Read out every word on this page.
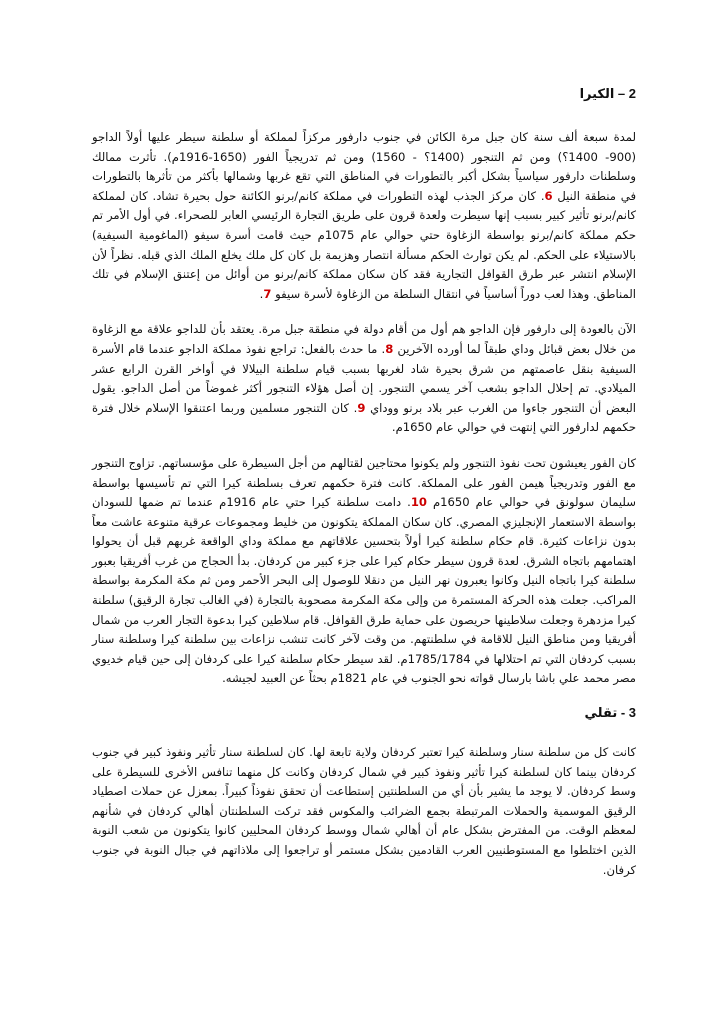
2 – الكيرا

لمدة سبعة ألف سنة كان جبل مرة الكائن في جنوب دارفور مركزاً لمملكة أو سلطنة سيطر عليها أولاً الداجو (900- 1400؟) ومن ثم التنجور (1400؟ - 1560) ومن ثم تدريجياً الفور (1650-1916م). تأثرت ممالك وسلطنات دارفور سياسياً بشكل أكبر بالتطورات في المناطق التي تقع غربها وشمالها بأكثر من تأثرها بالتطورات في منطقة النيل 6. كان مركز الجذب لهذه التطورات في مملكة كانم/برنو الكائنة حول بحيرة تشاد. كان لمملكة كانم/برنو تأثير كبير بسبب إنها سيطرت ولعدة قرون على طريق التجارة الرئيسي العابر للصحراء. في أول الأمر تم حكم مملكة كانم/برنو بواسطة الزغاوة حتي حوالي عام 1075م حيث قامت أسرة سيفو (الماغومية السيفية) بالاستيلاء على الحكم. لم يكن توارث الحكم مسألة انتصار وهزيمة بل كان كل ملك يخلع الملك الذي قبله. نظراً لأن الإسلام انتشر عبر طرق القوافل التجارية فقد كان سكان مملكة كانم/برنو من أوائل من إعتنق الإسلام في تلك المناطق. وهذا لعب دوراً أساسياً في انتقال السلطة من الزغاوة لأسرة سيفو 7.

الآن بالعودة إلى دارفور فإن الداجو هم أول من أقام دولة في منطقة جبل مرة. يعتقد بأن للداجو علاقة مع الزغاوة من خلال بعض قبائل وداي طبقاً لما أورده الآخرين 8. ما حدث بالفعل: تراجع نفوذ مملكة الداجو عندما قام الأسرة السيفية بنقل عاصمتهم من شرق بحيرة شاد لغربها بسبب قيام سلطنة البيلالا في أواخر القرن الرابع عشر الميلادي. تم إحلال الداجو بشعب آخر يسمي التنجور. إن أصل هؤلاء التنجور أكثر غموضاً من أصل الداجو. يقول البعض أن التنجور جاءوا من الغرب عبر بلاد برنو ووداي 9. كان التنجور مسلمين وربما اعتنقوا الإسلام خلال فترة حكمهم لدارفور التي إنتهت في حوالي عام 1650م.

كان الفور يعيشون تحت نفوذ التنجور ولم يكونوا محتاجين لقتالهم من أجل السيطرة على مؤسساتهم. تزاوج التنجور مع الفور وتدريجياً هيمن الفور على المملكة. كانت فترة حكمهم تعرف بسلطنة كيرا التي تم تأسيسها بواسطة سليمان سولونق في حوالي عام 1650م 10. دامت سلطنة كيرا حتي عام 1916م عندما تم ضمها للسودان بواسطة الاستعمار الإنجليزي المصري. كان سكان المملكة يتكونون من خليط ومجموعات عرقية متنوعة عاشت معاً بدون نزاعات كثيرة. قام حكام سلطنة كيرا أولاً بتحسين علاقاتهم مع مملكة وداي الواقعة غربهم قبل أن يحولوا اهتمامهم باتجاه الشرق. لعدة قرون سيطر حكام كيرا على جزء كبير من كردفان. بدأ الحجاج من غرب أفريقيا بعبور سلطنة كيرا باتجاه النيل وكانوا يعبرون نهر النيل من دنقلا للوصول إلى البحر الأحمر ومن ثم مكة المكرمة بواسطة المراكب. جعلت هذه الحركة المستمرة من وإلى مكة المكرمة مصحوبة بالتجارة (في الغالب تجارة الرقيق) سلطنة كيرا مزدهرة وجعلت سلاطينها حريصون على حماية طرق القوافل. قام سلاطين كيرا بدعوة التجار العرب من شمال أفريقيا ومن مناطق النيل للاقامة في سلطنتهم. من وقت لآخر كانت تنشب نزاعات بين سلطنة كيرا وسلطنة سنار بسبب كردفان التي تم احتلالها في 1785/1784م. لقد سيطر حكام سلطنة كيرا على كردفان إلى حين قيام خديوي مصر محمد علي باشا بارسال قواته نحو الجنوب في عام 1821م بحثاً عن العبيد لجيشه.

3 - تقلي

كانت كل من سلطنة سنار وسلطنة كيرا تعتبر كردفان ولاية تابعة لها. كان لسلطنة سنار تأثير ونفوذ كبير في جنوب كردفان بينما كان لسلطنة كيرا تأثير ونفوذ كبير في شمال كردفان وكانت كل منهما تنافس الأخرى للسيطرة على وسط كردفان. لا يوجد ما يشير بأن أي من السلطنتين إستطاعت أن تحقق نفوذاً كبيراً. بمعزل عن حملات اصطياد الرقيق الموسمية والحملات المرتبطة بجمع الضرائب والمكوس فقد تركت السلطنتان أهالي كردفان في شأنهم لمعظم الوقت. من المفترض بشكل عام أن أهالي شمال ووسط كردفان المحليين كانوا يتكونون من شعب النوبة الذين اختلطوا مع المستوطنيين العرب القادمين بشكل مستمر أو تراجعوا إلى ملاذاتهم في جبال النوبة في جنوب كرفان.
